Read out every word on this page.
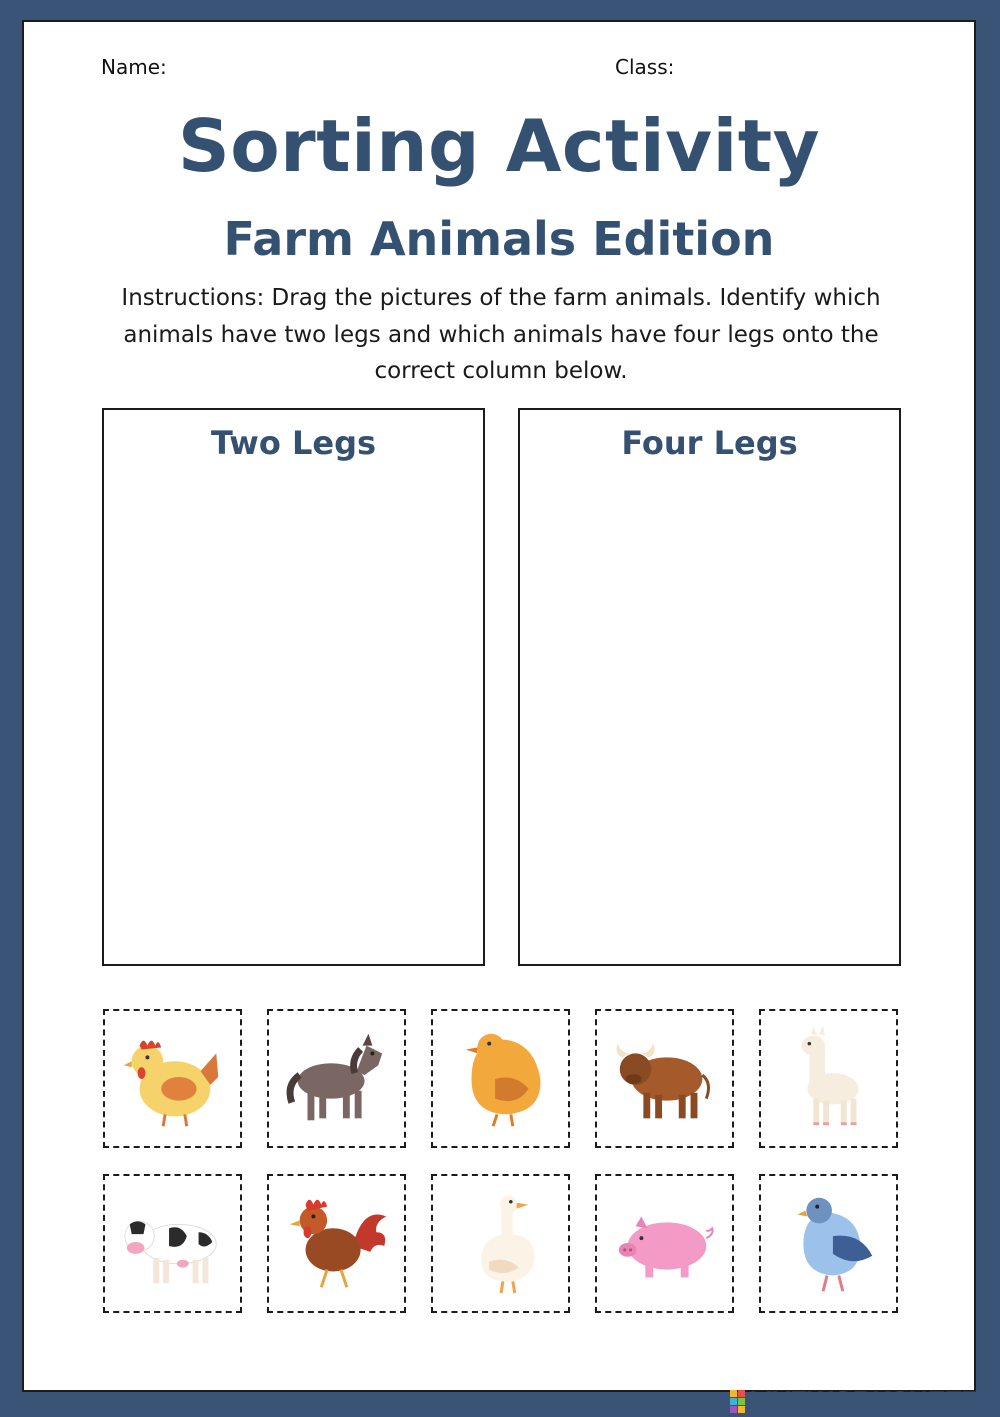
Name:	Class:
Sorting Activity
Farm Animals Edition
Instructions: Drag the pictures of the farm animals. Identify which animals have two legs and which animals have four legs onto the correct column below.
Two Legs	Four Legs
LIVEWORKSHEETS
